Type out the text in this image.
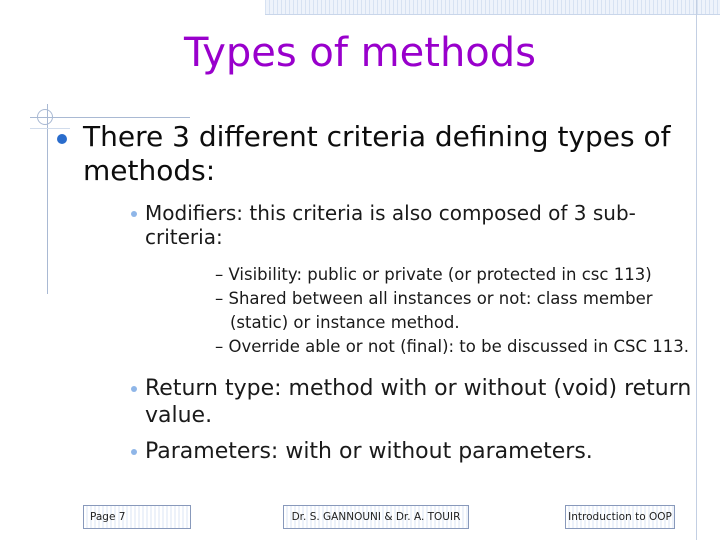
Types of methods
There 3 different criteria defining types of methods:
Modifiers: this criteria is also composed of 3 sub-criteria:
– Visibility: public or private (or protected in csc 113)
– Shared between all instances or not: class member
(static) or instance method.
– Override able or not (final): to be discussed in CSC 113.
Return type: method with or without (void) return value.
Parameters: with or without parameters.
Page 7	Dr. S. GANNOUNI & Dr. A. TOUIR	Introduction to OOP
